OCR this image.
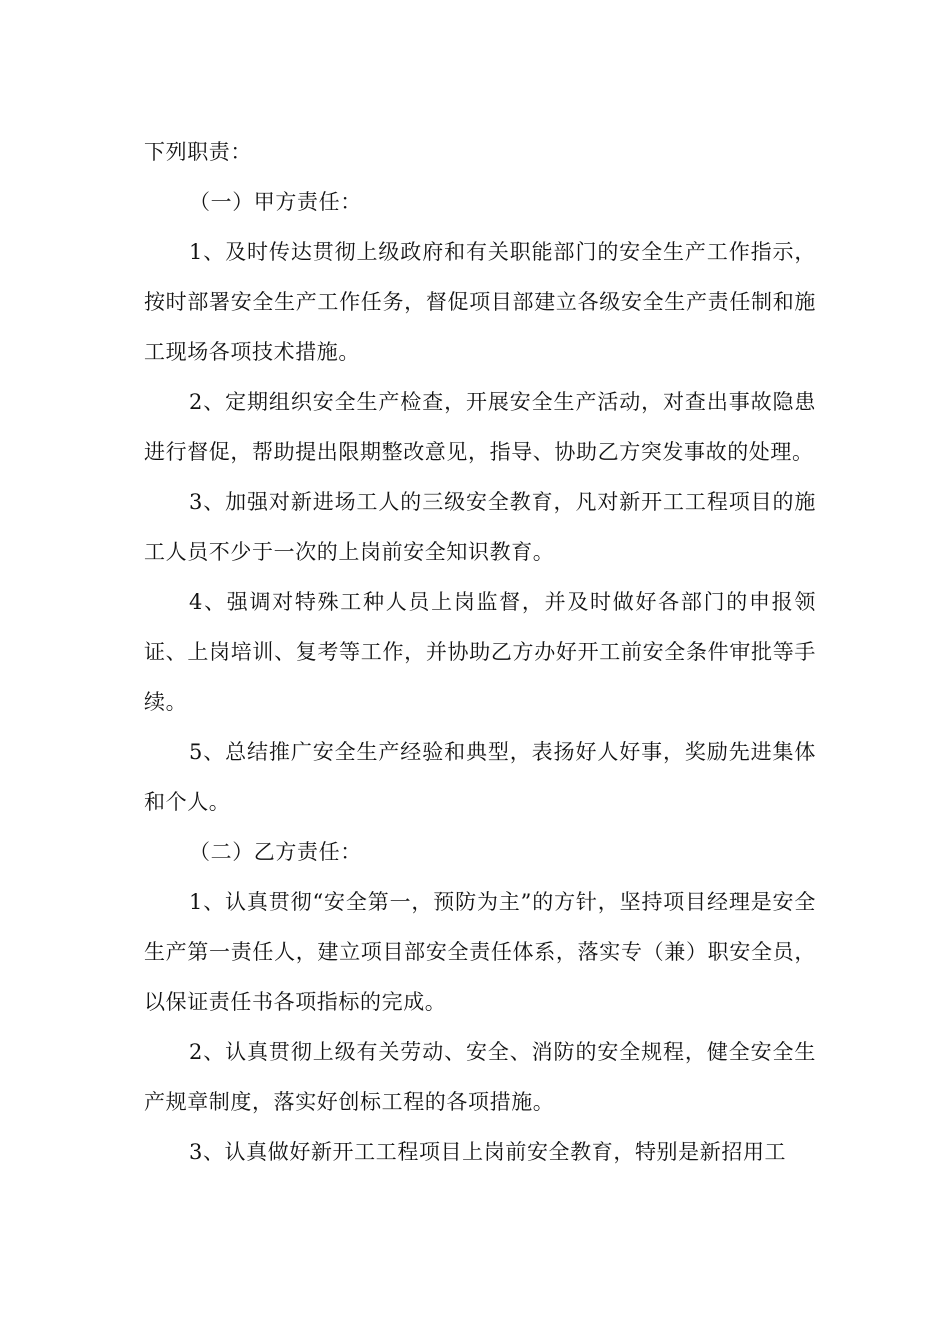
下列职责：

（一）甲方责任：

1、及时传达贯彻上级政府和有关职能部门的安全生产工作指示，按时部署安全生产工作任务，督促项目部建立各级安全生产责任制和施工现场各项技术措施。

2、定期组织安全生产检查，开展安全生产活动，对查出事故隐患进行督促，帮助提出限期整改意见，指导、协助乙方突发事故的处理。

3、加强对新进场工人的三级安全教育，凡对新开工工程项目的施工人员不少于一次的上岗前安全知识教育。

4、强调对特殊工种人员上岗监督，并及时做好各部门的申报领证、上岗培训、复考等工作，并协助乙方办好开工前安全条件审批等手续。

5、总结推广安全生产经验和典型，表扬好人好事，奖励先进集体和个人。

（二）乙方责任：

1、认真贯彻“安全第一，预防为主”的方针，坚持项目经理是安全生产第一责任人，建立项目部安全责任体系，落实专（兼）职安全员，以保证责任书各项指标的完成。

2、认真贯彻上级有关劳动、安全、消防的安全规程，健全安全生产规章制度，落实好创标工程的各项措施。

3、认真做好新开工工程项目上岗前安全教育，特别是新招用工
